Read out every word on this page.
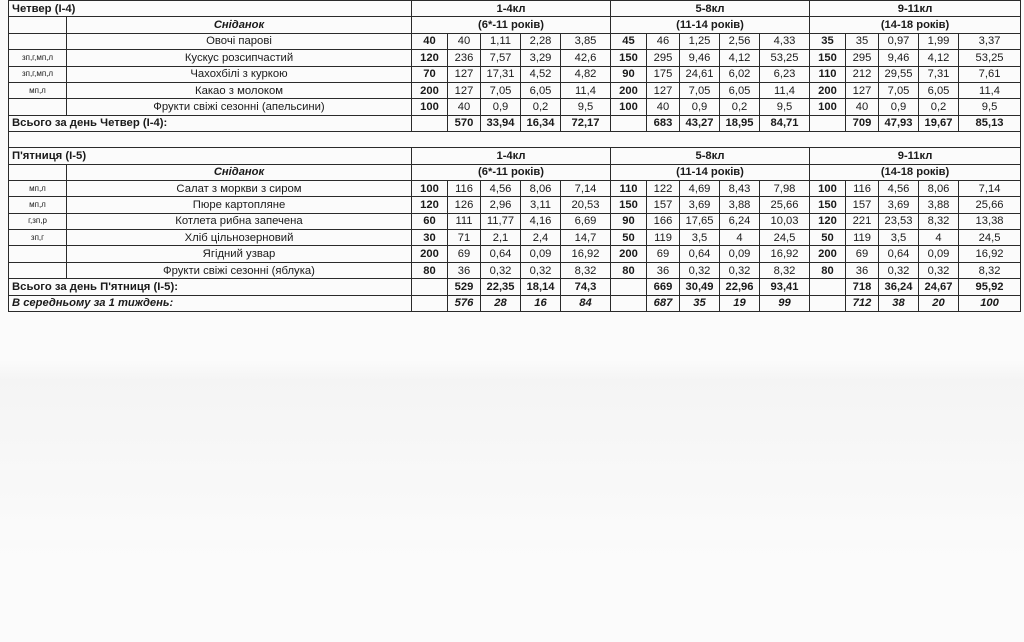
Четвер (І-4)		1-4кл					5-8кл					9-11кл				
	Сніданок	(6*-11 років)					(11-14 років)					(14-18 років)				
	Овочі парові	40	40	1,11	2,28	3,85	45	46	1,25	2,56	4,33	35	35	0,97	1,99	3,37
зп,г,мп,л	Кускус розсипчастий	120	236	7,57	3,29	42,6	150	295	9,46	4,12	53,25	150	295	9,46	4,12	53,25
зп,г,мп,л	Чахохбілі з куркою	70	127	17,31	4,52	4,82	90	175	24,61	6,02	6,23	110	212	29,55	7,31	7,61
мп,л	Какао з молоком	200	127	7,05	6,05	11,4	200	127	7,05	6,05	11,4	200	127	7,05	6,05	11,4
	Фрукти свіжі сезонні (апельсини)	100	40	0,9	0,2	9,5	100	40	0,9	0,2	9,5	100	40	0,9	0,2	9,5
Всього за день Четвер (І-4):			570	33,94	16,34	72,17		683	43,27	18,95	84,71		709	47,93	19,67	85,13

П'ятниця (І-5)		1-4кл					5-8кл					9-11кл				
	Сніданок	(6*-11 років)					(11-14 років)					(14-18 років)				
мп,л	Салат з моркви з сиром	100	116	4,56	8,06	7,14	110	122	4,69	8,43	7,98	100	116	4,56	8,06	7,14
мп,л	Пюре картопляне	120	126	2,96	3,11	20,53	150	157	3,69	3,88	25,66	150	157	3,69	3,88	25,66
г,зп,р	Котлета рибна запечена	60	111	11,77	4,16	6,69	90	166	17,65	6,24	10,03	120	221	23,53	8,32	13,38
зп,г	Хліб цільнозерновий	30	71	2,1	2,4	14,7	50	119	3,5	4	24,5	50	119	3,5	4	24,5
	Ягідний узвар	200	69	0,64	0,09	16,92	200	69	0,64	0,09	16,92	200	69	0,64	0,09	16,92
	Фрукти свіжі сезонні (яблука)	80	36	0,32	0,32	8,32	80	36	0,32	0,32	8,32	80	36	0,32	0,32	8,32
Всього за день П'ятниця (І-5):			529	22,35	18,14	74,3		669	30,49	22,96	93,41		718	36,24	24,67	95,92
В середньому за 1 тиждень:			576	28	16	84		687	35	19	99		712	38	20	100
